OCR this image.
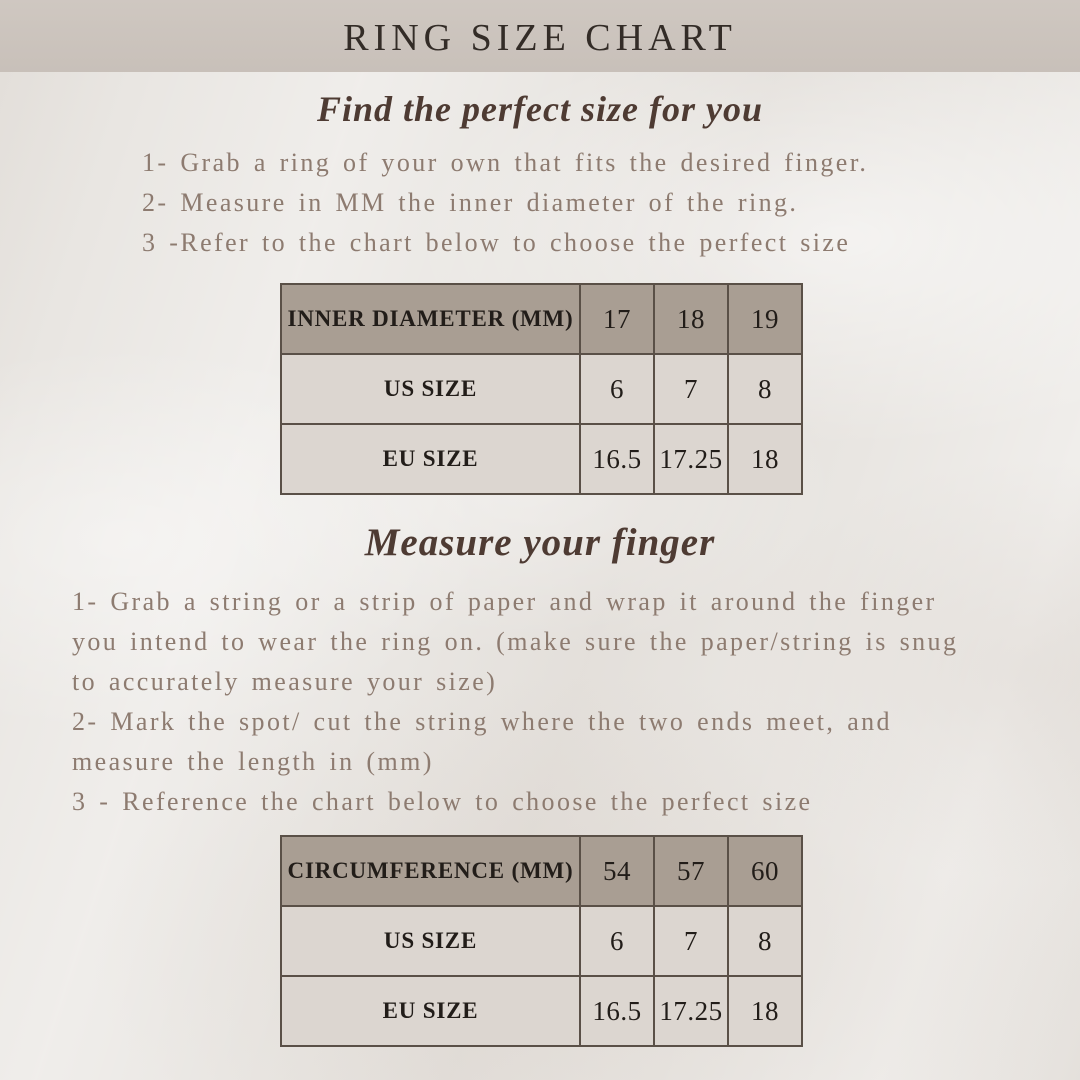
RING SIZE CHART
Find the perfect size for you
1- Grab a ring of your own that fits the desired finger.
2- Measure in MM the inner diameter of the ring.
3 -Refer to the chart below to choose the perfect size
INNER DIAMETER (MM)	17	18	19
US SIZE	6	7	8
EU SIZE	16.5	17.25	18
Measure your finger
1- Grab a string or a strip of paper and wrap it around the finger
you intend to wear the ring on. (make sure the paper/string is snug
to accurately measure your size)
2- Mark the spot/ cut the string where the two ends meet, and
measure the length in (mm)
3 - Reference the chart below to choose the perfect size
CIRCUMFERENCE (MM)	54	57	60
US SIZE	6	7	8
EU SIZE	16.5	17.25	18
